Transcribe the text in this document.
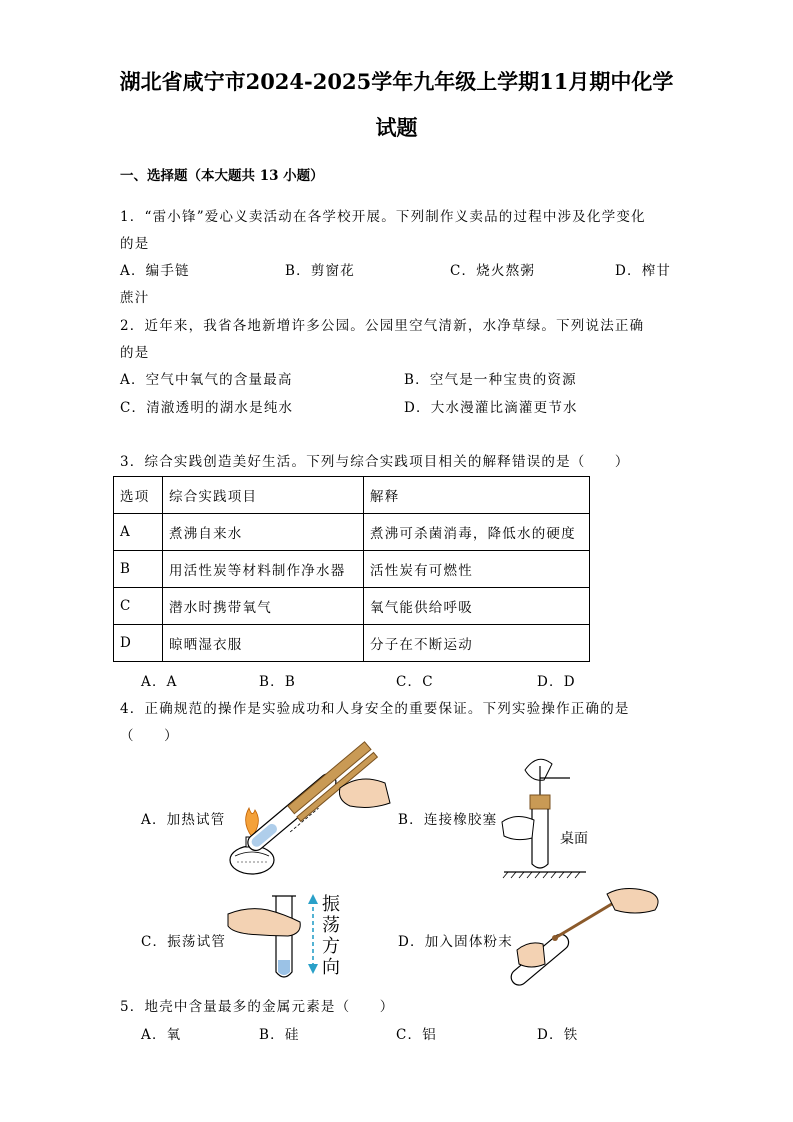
湖北省咸宁市2024-2025学年九年级上学期11月期中化学
试题
一、选择题（本大题共 13 小题）
1．“雷小锋”爱心义卖活动在各学校开展。下列制作义卖品的过程中涉及化学变化
的是
A．编手链	B．剪窗花	C．烧火熬粥	D．榨甘
蔗汁
2．近年来，我省各地新增许多公园。公园里空气清新，水净草绿。下列说法正确
的是
A．空气中氧气的含量最高	B．空气是一种宝贵的资源
C．清澈透明的湖水是纯水	D．大水漫灌比滴灌更节水
3．综合实践创造美好生活。下列与综合实践项目相关的解释错误的是（　　）
选项	综合实践项目	解释
A	煮沸自来水	煮沸可杀菌消毒，降低水的硬度
B	用活性炭等材料制作净水器	活性炭有可燃性
C	潜水时携带氧气	氧气能供给呼吸
D	晾晒湿衣服	分子在不断运动
A．A	B．B	C．C	D．D
4．正确规范的操作是实验成功和人身安全的重要保证。下列实验操作正确的是
（　　）
A．加热试管	B．连接橡胶塞
C．振荡试管	D．加入固体粉末
桌面
振
荡
方
向
5．地壳中含量最多的金属元素是（　　）
A．氧	B．硅	C．铝	D．铁
